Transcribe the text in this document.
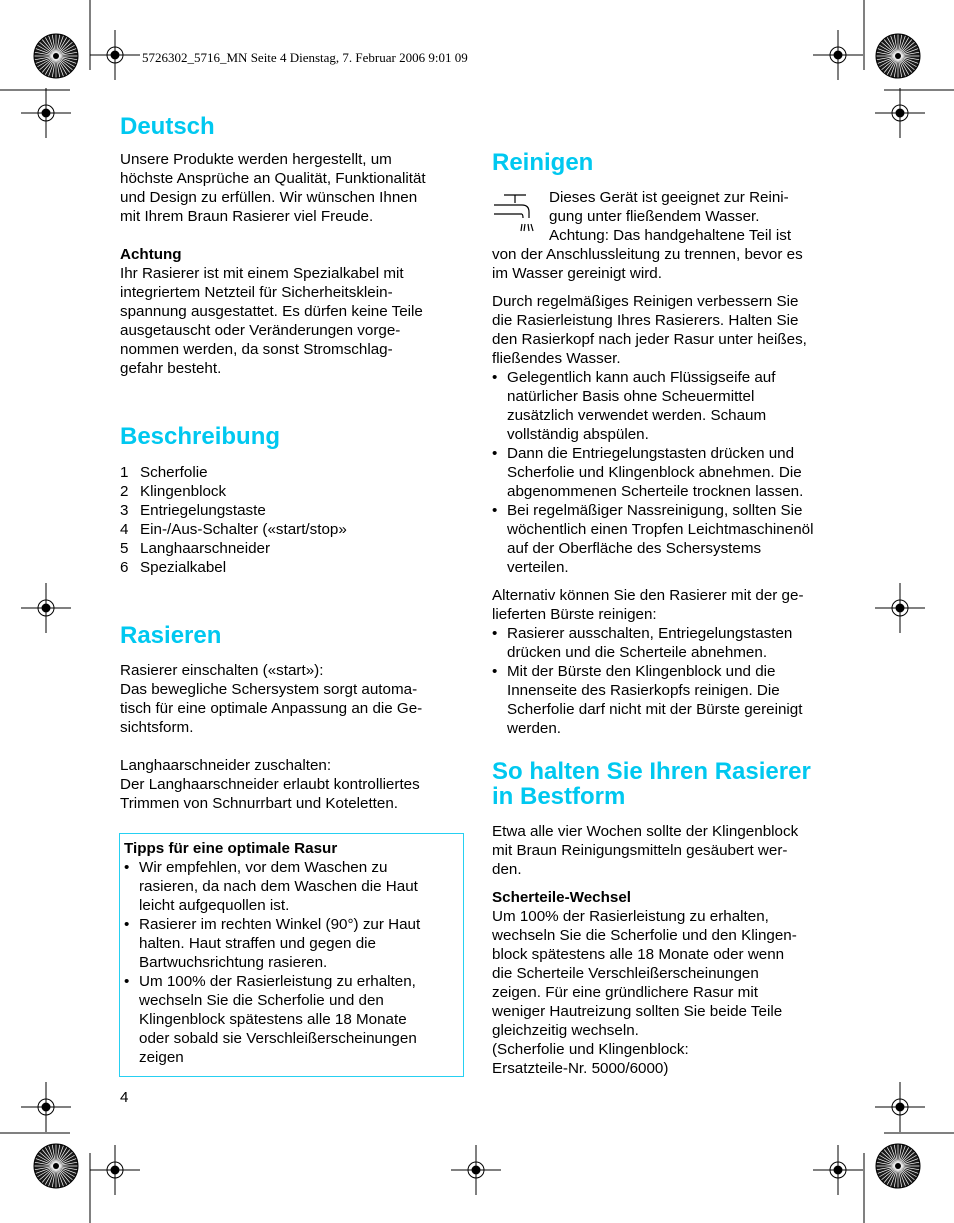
5726302_5716_MN Seite 4 Dienstag, 7. Februar 2006 9:01 09
Deutsch

Unsere Produkte werden hergestellt, um

höchste Ansprüche an Qualität, Funktionalität

und Design zu erfüllen. Wir wünschen Ihnen

mit Ihrem Braun Rasierer viel Freude.

Achtung

Ihr Rasierer ist mit einem Spezialkabel mit

integriertem Netzteil für Sicherheitsklein-

spannung ausgestattet. Es dürfen keine Teile

ausgetauscht oder Veränderungen vorge-

nommen werden, da sonst Stromschlag-

gefahr besteht.

Beschreibung
1 Scherfolie
2 Klingenblock
3 Entriegelungstaste
4 Ein-/Aus-Schalter («start/stop»
5 Langhaarschneider
6 Spezialkabel
Rasieren

Rasierer einschalten («start»):

Das bewegliche Schersystem sorgt automa-

tisch für eine optimale Anpassung an die Ge-

sichtsform.

Langhaarschneider zuschalten:

Der Langhaarschneider erlaubt kontrolliertes

Trimmen von Schnurrbart und Koteletten.

Tipps für eine optimale Rasur

• Wir empfehlen, vor dem Waschen zu

rasieren, da nach dem Waschen die Haut

leicht aufgequollen ist.

• Rasierer im rechten Winkel (90°) zur Haut

halten. Haut straffen und gegen die

Bartwuchsrichtung rasieren.

• Um 100% der Rasierleistung zu erhalten,

wechseln Sie die Scherfolie und den

Klingenblock spätestens alle 18 Monate

oder sobald sie Verschleißerscheinungen

zeigen

4
Reinigen

Dieses Gerät ist geeignet zur Reini-

gung unter fließendem Wasser.

Achtung: Das handgehaltene Teil ist

von der Anschlussleitung zu trennen, bevor es

im Wasser gereinigt wird.

Durch regelmäßiges Reinigen verbessern Sie

die Rasierleistung Ihres Rasierers. Halten Sie

den Rasierkopf nach jeder Rasur unter heißes,

fließendes Wasser.

• Gelegentlich kann auch Flüssigseife auf

natürlicher Basis ohne Scheuermittel

zusätzlich verwendet werden. Schaum

vollständig abspülen.

• Dann die Entriegelungstasten drücken und

Scherfolie und Klingenblock abnehmen. Die

abgenommenen Scherteile trocknen lassen.

• Bei regelmäßiger Nassreinigung, sollten Sie

wöchentlich einen Tropfen Leichtmaschinenöl

auf der Oberfläche des Schersystems

verteilen.

Alternativ können Sie den Rasierer mit der ge-

lieferten Bürste reinigen:

• Rasierer ausschalten, Entriegelungstasten

drücken und die Scherteile abnehmen.

• Mit der Bürste den Klingenblock und die

Innenseite des Rasierkopfs reinigen. Die

Scherfolie darf nicht mit der Bürste gereinigt

werden.

So halten Sie Ihren Rasierer
in Bestform

Etwa alle vier Wochen sollte der Klingenblock

mit Braun Reinigungsmitteln gesäubert wer-

den.

Scherteile-Wechsel

Um 100% der Rasierleistung zu erhalten,

wechseln Sie die Scherfolie und den Klingen-

block spätestens alle 18 Monate oder wenn

die Scherteile Verschleißerscheinungen

zeigen. Für eine gründlichere Rasur mit

weniger Hautreizung sollten Sie beide Teile

gleichzeitig wechseln.

(Scherfolie und Klingenblock:

Ersatzteile-Nr. 5000/6000)
